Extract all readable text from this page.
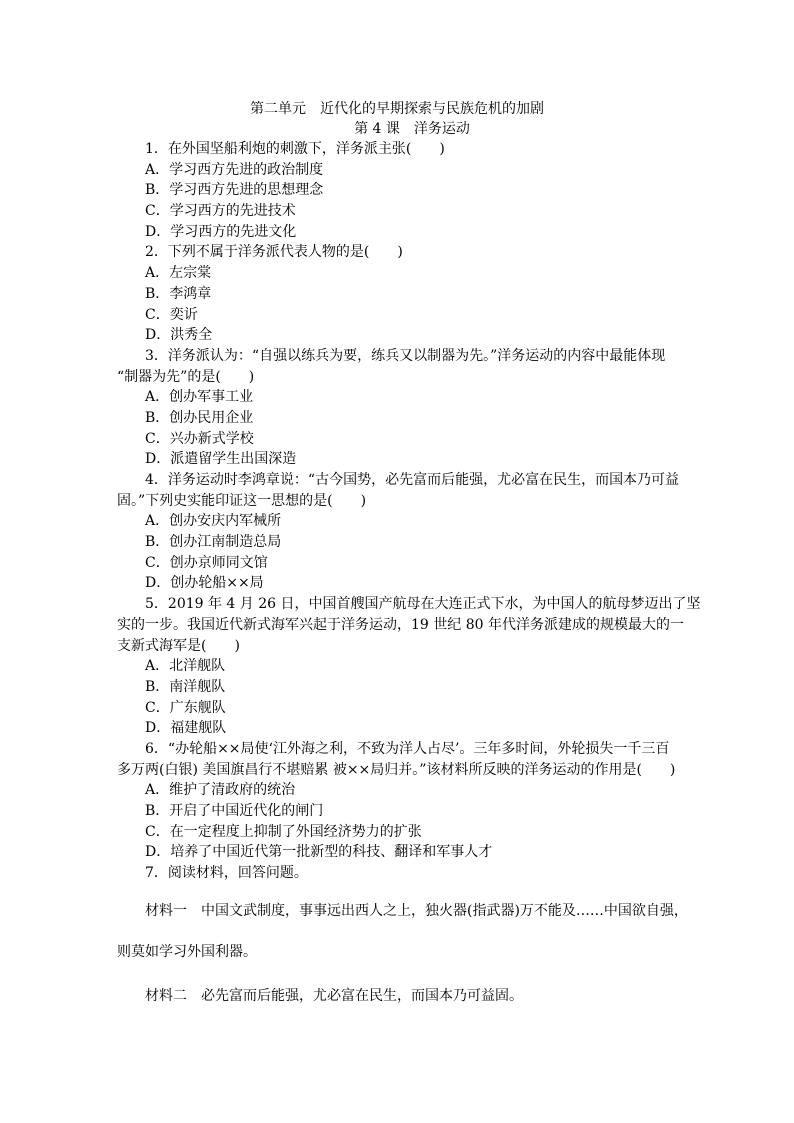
第二单元　近代化的早期探索与民族危机的加剧
第 4 课　洋务运动
1．在外国坚船利炮的刺激下，洋务派主张(　　)
A．学习西方先进的政治制度
B．学习西方先进的思想理念
C．学习西方的先进技术
D．学习西方的先进文化
2．下列不属于洋务派代表人物的是(　　)
A．左宗棠
B．李鸿章
C．奕䜣
D．洪秀全
3．洋务派认为：“自强以练兵为要，练兵又以制器为先。”洋务运动的内容中最能体现
“制器为先”的是(　　)
A．创办军事工业
B．创办民用企业
C．兴办新式学校
D．派遣留学生出国深造
4．洋务运动时李鸿章说：“古今国势，必先富而后能强，尤必富在民生，而国本乃可益
固。”下列史实能印证这一思想的是(　　)
A．创办安庆内军械所
B．创办江南制造总局
C．创办京师同文馆
D．创办轮船××局
5．2019 年 4 月 26 日，中国首艘国产航母在大连正式下水，为中国人的航母梦迈出了坚
实的一步。我国近代新式海军兴起于洋务运动，19 世纪 80 年代洋务派建成的规模最大的一
支新式海军是(　　)
A．北洋舰队
B．南洋舰队
C．广东舰队
D．福建舰队
6．“办轮船××局使‘江外海之利，不致为洋人占尽’。三年多时间，外轮损失一千三百
多万两(白银) 美国旗昌行不堪赔累 被××局归并。”该材料所反映的洋务运动的作用是(　　)
A．维护了清政府的统治
B．开启了中国近代化的闸门
C．在一定程度上抑制了外国经济势力的扩张
D．培养了中国近代第一批新型的科技、翻译和军事人才
7．阅读材料，回答问题。
材料一　中国文武制度，事事远出西人之上，独火器(指武器)万不能及……中国欲自强，
则莫如学习外国利器。
材料二　必先富而后能强，尤必富在民生，而国本乃可益固。
